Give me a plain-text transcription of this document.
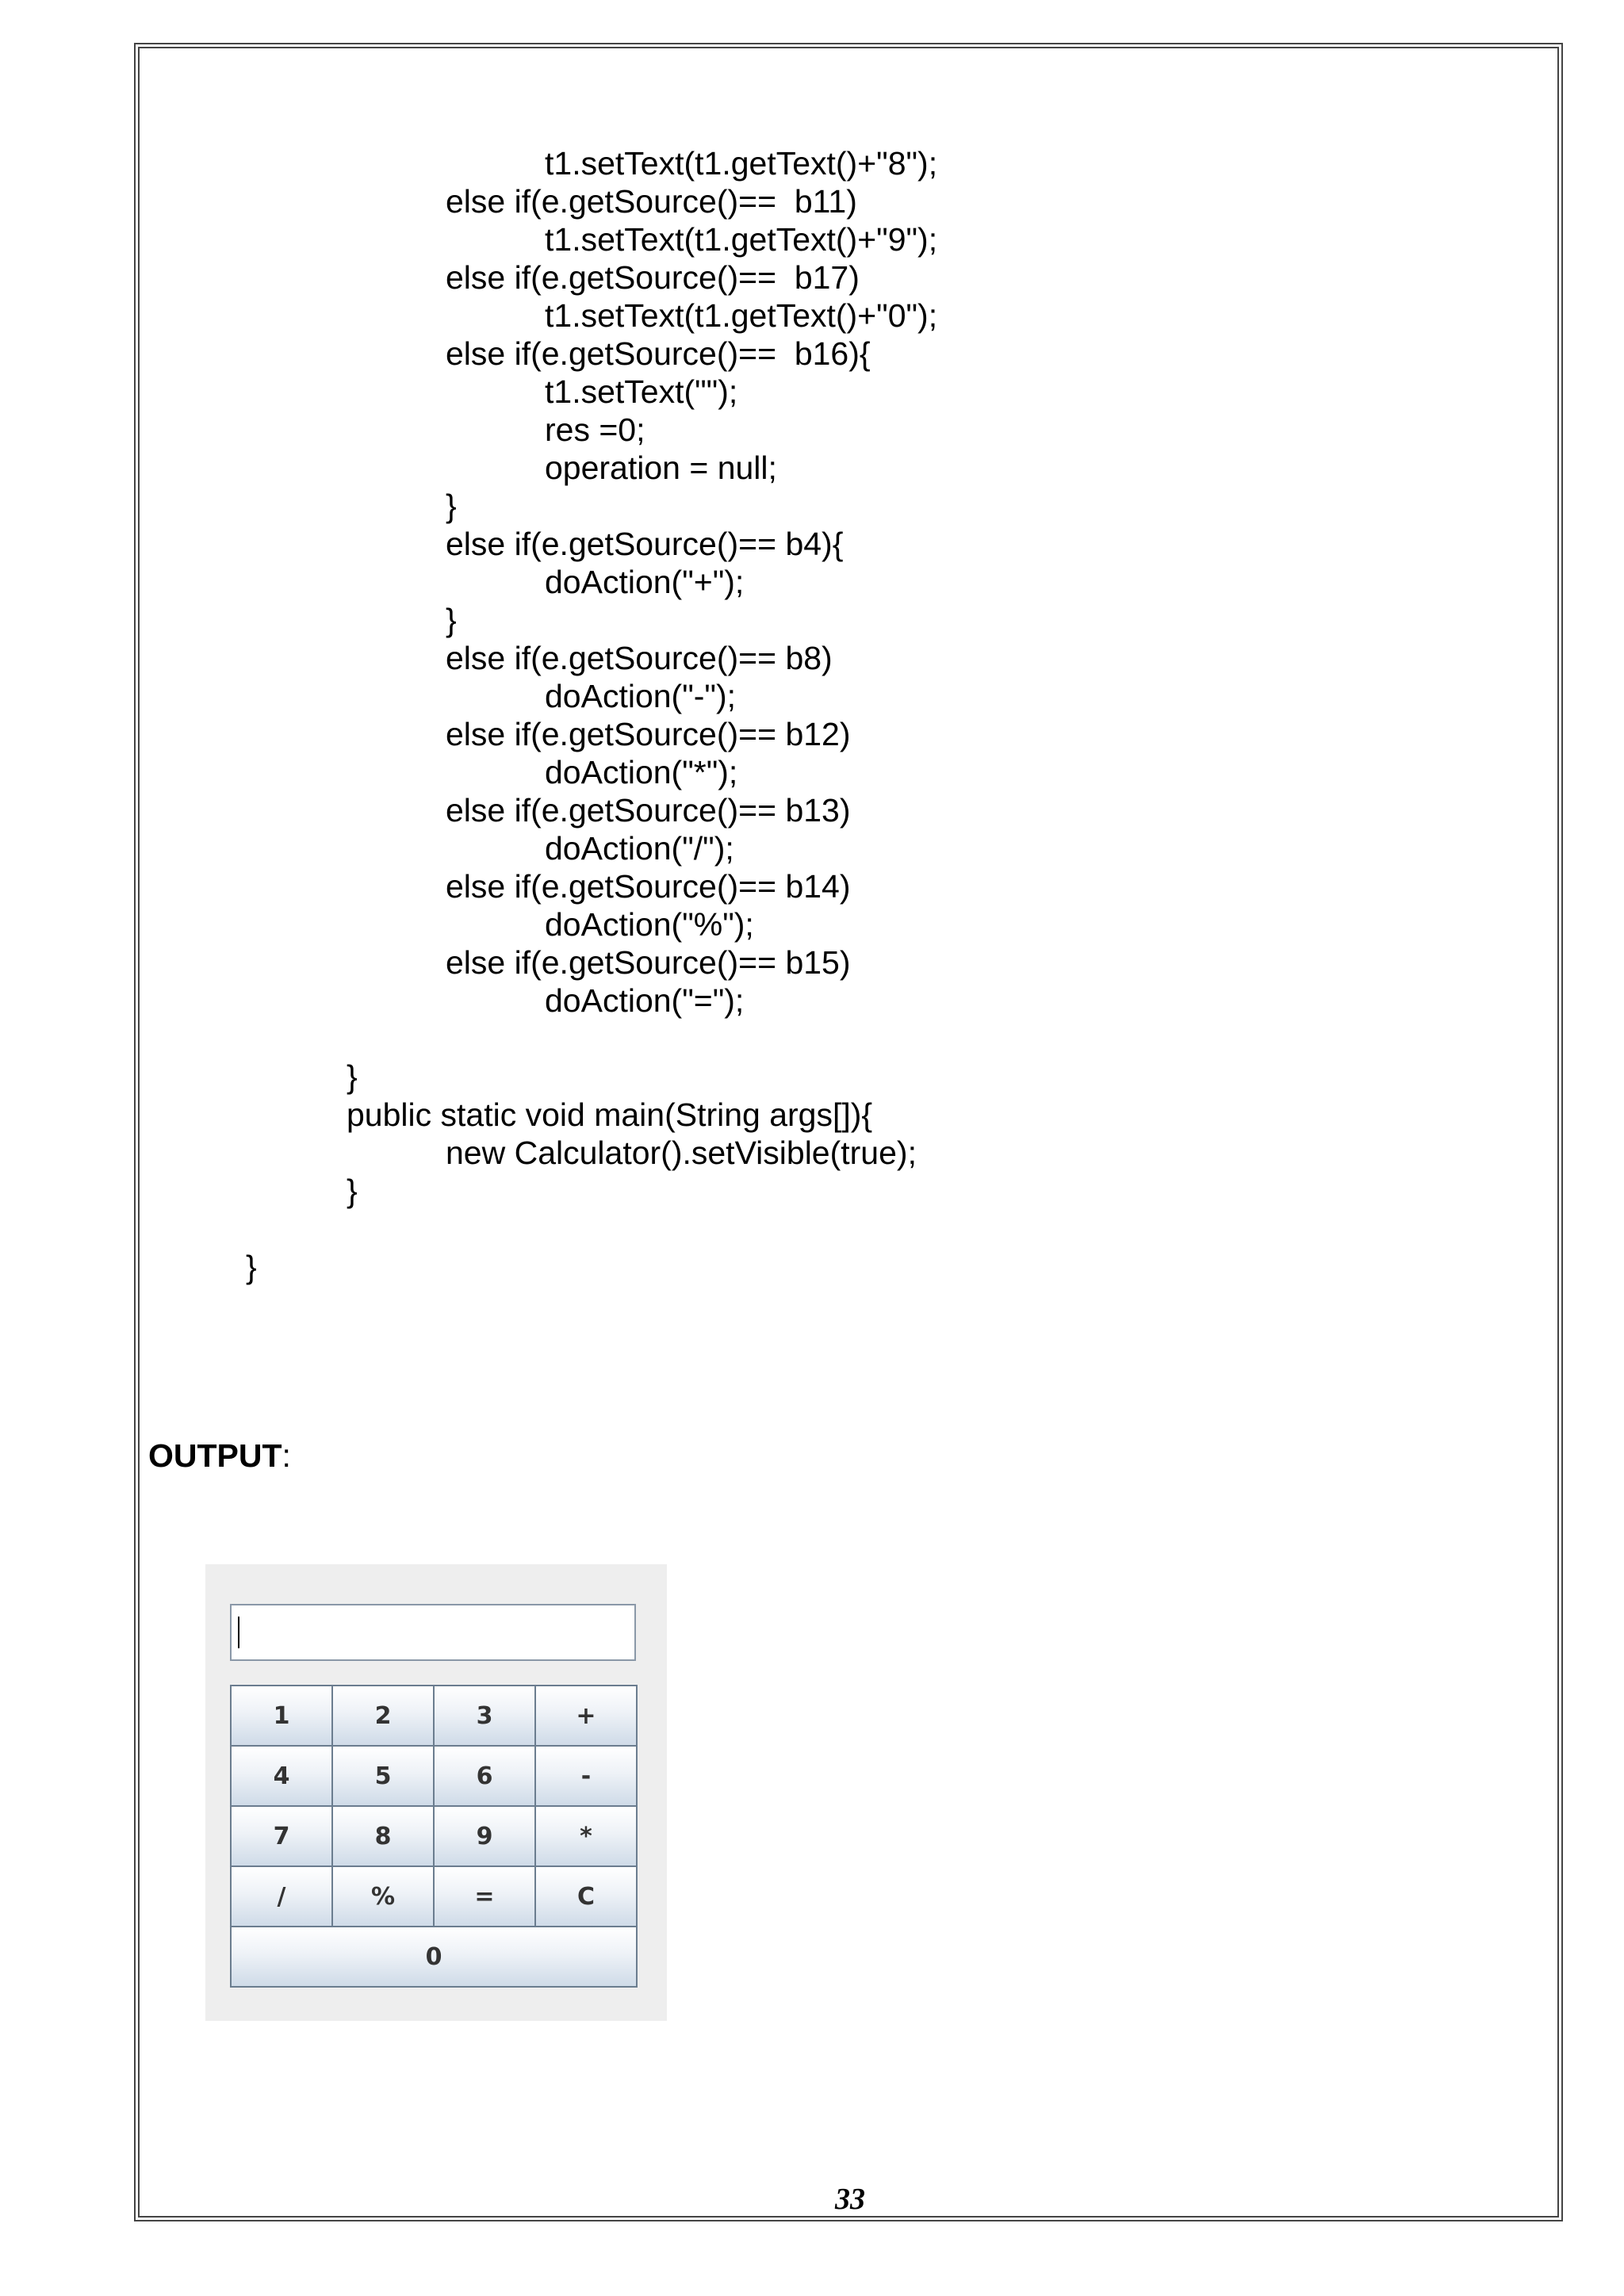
t1.setText(t1.getText()+"8");
else if(e.getSource()==  b11)
t1.setText(t1.getText()+"9");
else if(e.getSource()==  b17)
t1.setText(t1.getText()+"0");
else if(e.getSource()==  b16){
t1.setText("");
res =0;
operation = null;
}
else if(e.getSource()== b4){
doAction("+");
}
else if(e.getSource()== b8)
doAction("-");
else if(e.getSource()== b12)
doAction("*");
else if(e.getSource()== b13)
doAction("/");
else if(e.getSource()== b14)
doAction("%");
else if(e.getSource()== b15)
doAction("=");
}
public static void main(String args[]){
new Calculator().setVisible(true);
}
}
OUTPUT:
1	2	3	+
4	5	6	-
7	8	9	*
/	%	=	C
0
33
